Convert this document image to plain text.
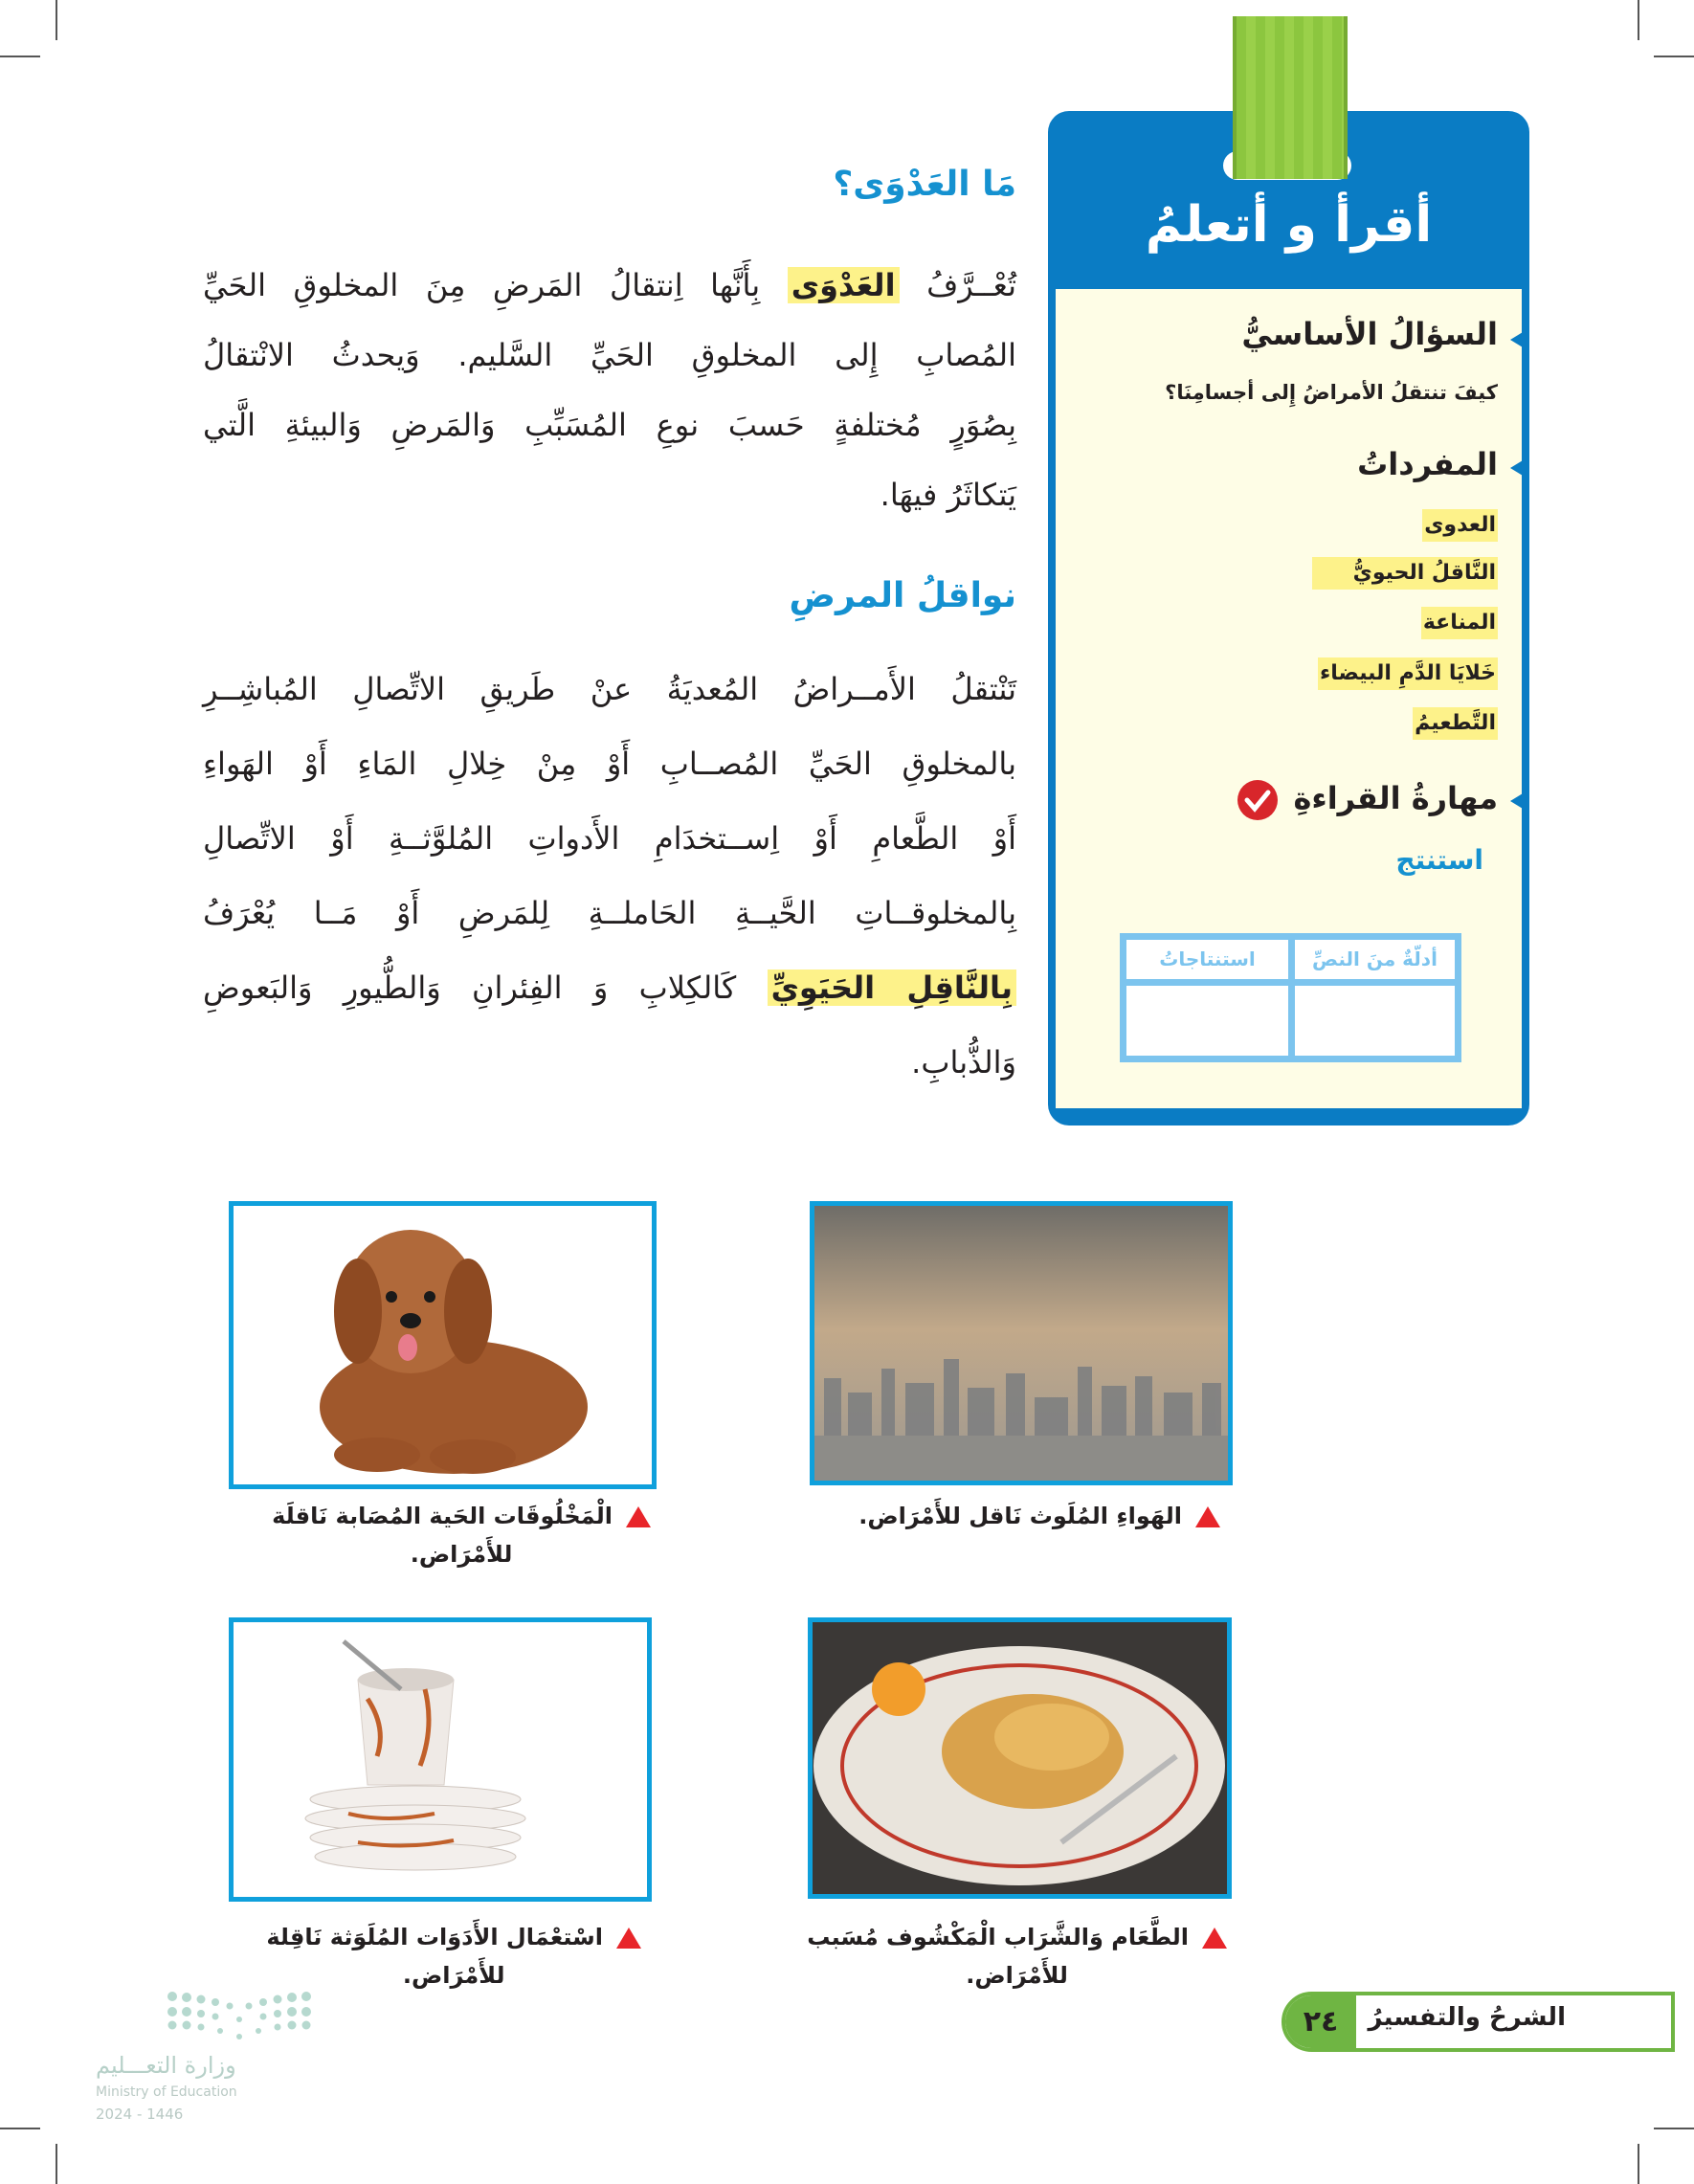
أقرأ و أتعلمُ
السؤالُ الأساسيُّ
كيفَ تنتقلُ الأمراضُ إِلى أجسامِنَا؟
المفرداتُ
العدوى
النَّاقلُ الحيويُّ
المناعة
خَلايَا الدَّمِ البيضاء
التَّطعيمُ
مهارةُ القراءةِ
استنتج
أدلّةٌ منَ النصِّ
استنتاجاتُ
مَا العَدْوَى؟
تُعْــرَّفُ العَدْوَى بِأَنَّها اِنتقالُ المَرضِ مِنَ المخلوقِ الحَيِّ
المُصابِ إِلى المخلوقِ الحَيِّ السَّليم. وَيحدثُ الانْتقالُ
بِصُوَرٍ مُختلفةٍ حَسبَ نوعِ المُسَبِّبِ وَالمَرضِ وَالبيئةِ الَّتي
يَتكاثَرُ فيهَا.
نواقلُ المرضِ
تَنْتقلُ الأَمــراضُ المُعديَةُ عنْ طَريقِ الاتِّصالِ المُباشِــرِ
بالمخلوقِ الحَيِّ المُصــابِ أَوْ مِنْ خِلالِ المَاءِ أَوْ الهَواءِ
أَوْ الطَّعامِ أَوْ اِســتخدَامِ الأَدواتِ المُلوَّثــةِ أَوْ الاتِّصالِ
بِالمخلوقــاتِ الحَّيــةِ الحَاملــةِ لِلمَرضِ أَوْ مَــا يُعْرَفُ
بِالنَّاقِلِ الحَيَوِيِّ كَالكِلابِ وَ الفِئرانِ وَالطُّيورِ وَالبَعوضِ
وَالذُّبابِ.
الهَواءِ المُلَوث نَاقل للأَمْرَاض.
الْمَخْلُوقَات الحَية المُصَابة نَاقلَة
للأَمْرَاض.
الطَّعَام وَالشَّرَاب الْمَكْشُوف مُسَبب
للأَمْرَاض.
اسْتعْمَال الأَدَوَات المُلَوَثة نَاقِلة
للأَمْرَاض.
٢٤	الشرحُ والتفسيرُ
وزارة التعـــليم
Ministry of Education
2024 - 1446
